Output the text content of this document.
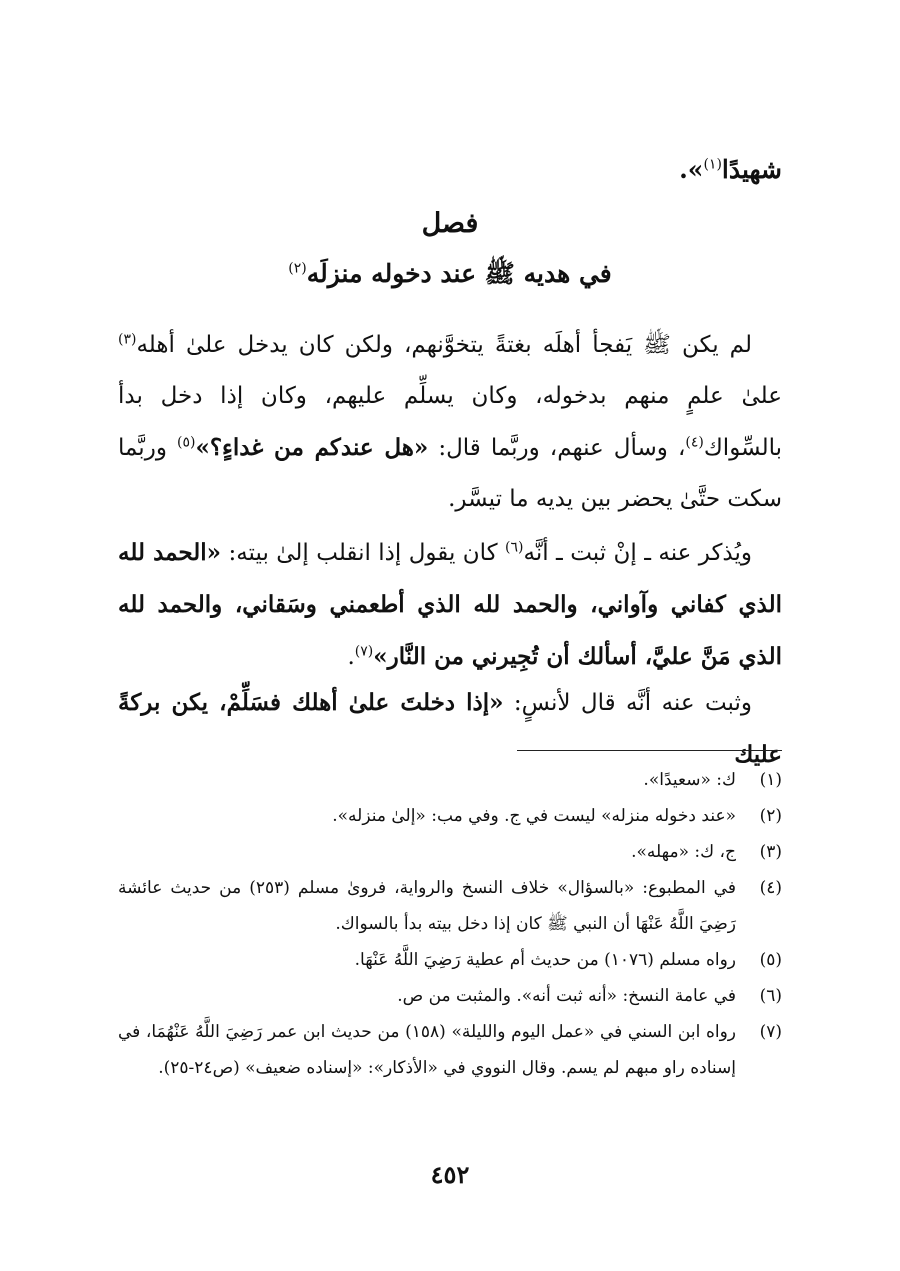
شهيدًا$^{(١)}$».
فصل
في هديه ﷺ عند دخوله منزلَه$^{(٢)}$

لم يكن ﷺ يَفجأ أهلَه بغتةً يتخوَّنهم، ولكن كان يدخل علىٰ أهله$^{(٣)}$ علىٰ علمٍ منهم بدخوله، وكان يسلِّم عليهم، وكان إذا دخل بدأ بالسِّواك$^{(٤)}$، وسأل عنهم، وربَّما قال: «هل عندكم من غداءٍ؟»$^{(٥)}$ وربَّما سكت حتَّىٰ يحضر بين يديه ما تيسَّر.

ويُذكر عنه ـ إنْ ثبت ـ أنَّه$^{(٦)}$ كان يقول إذا انقلب إلىٰ بيته: «الحمد لله الذي كفاني وآواني، والحمد لله الذي أطعمني وسَقاني، والحمد لله الذي مَنَّ عليَّ، أسألك أن تُجِيرني من النَّار»$^{(٧)}$.

وثبت عنه أنَّه قال لأنسٍ: «إذا دخلتَ علىٰ أهلك فسَلِّمْ، يكن بركةً عليك

(١)
ك: «سعيدًا».
(٢)
«عند دخوله منزله» ليست في ج. وفي مب: «إلىٰ منزله».
(٣)
ج، ك: «مهله».
(٤)
في المطبوع: «بالسؤال» خلاف النسخ والرواية، فروىٰ مسلم (٢٥٣) من حديث عائشة رَضِيَ اللَّهُ عَنْهَا أن النبي ﷺ كان إذا دخل بيته بدأ بالسواك.
(٥)
رواه مسلم (١٠٧٦) من حديث أم عطية رَضِيَ اللَّهُ عَنْهَا.
(٦)
في عامة النسخ: «أنه ثبت أنه». والمثبت من ص.
(٧)
رواه ابن السني في «عمل اليوم والليلة» (١٥٨) من حديث ابن عمر رَضِيَ اللَّهُ عَنْهُمَا، في إسناده راو مبهم لم يسم. وقال النووي في «الأذكار»: «إسناده ضعيف» (ص٢٤-٢٥).
٤٥٢
